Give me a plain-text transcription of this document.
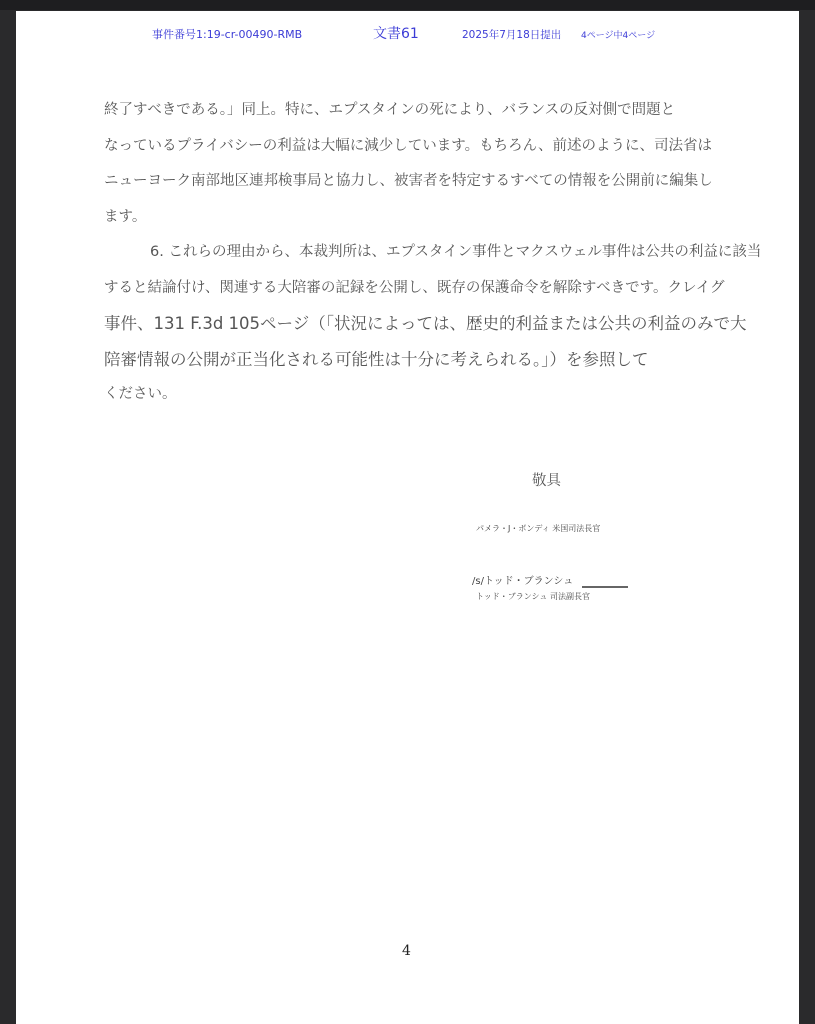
事件番号1:19-cr-00490-RMB	文書61	2025年7月18日提出 4ページ中4ページ
終了すべきである。」同上。特に、エプスタインの死により、バランスの反対側で問題と
なっているプライバシーの利益は大幅に減少しています。もちろん、前述のように、司法省は
ニューヨーク南部地区連邦検事局と協力し、被害者を特定するすべての情報を公開前に編集し
ます。
6. これらの理由から、本裁判所は、エプスタイン事件とマクスウェル事件は公共の利益に該当
すると結論付け、関連する大陪審の記録を公開し、既存の保護命令を解除すべきです。クレイグ
事件、131 F.3d 105ページ（「状況によっては、歴史的利益または公共の利益のみで大
陪審情報の公開が正当化される可能性は十分に考えられる。」）を参照して
ください。
敬具
パメラ・J・ボンディ 米国司法長官
/s/トッド・ブランシュ
トッド・ブランシュ 司法副長官
4
